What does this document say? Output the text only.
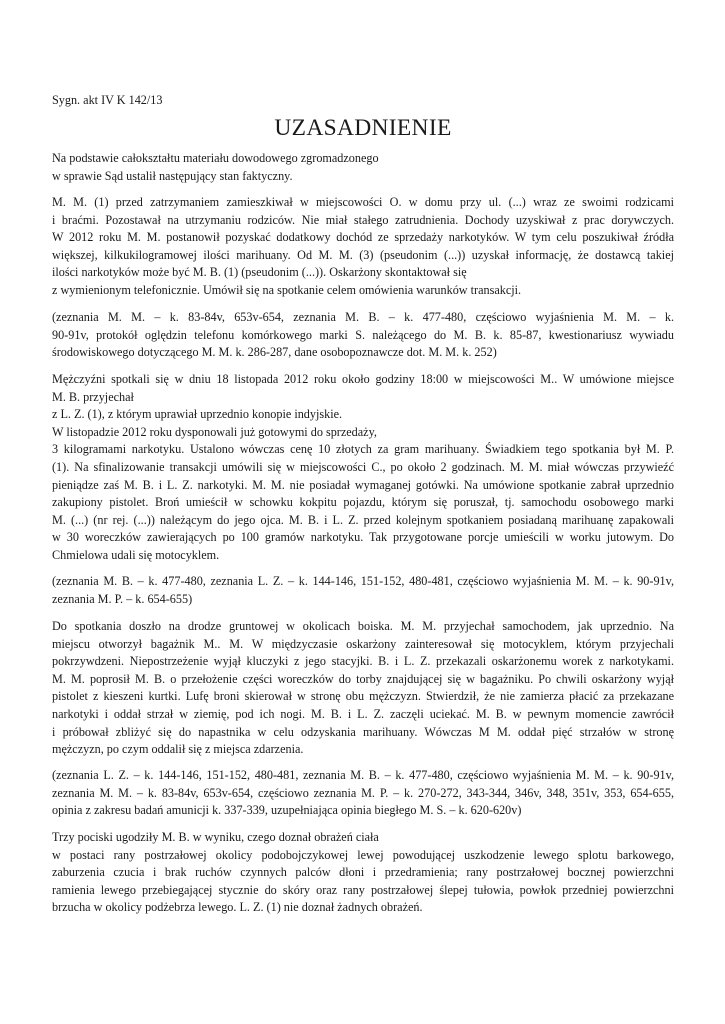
Sygn. akt IV K 142/13

UZASADNIENIE

Na podstawie całokształtu materiału dowodowego zgromadzonego
w sprawie Sąd ustalił następujący stan faktyczny.

M. M. (1) przed zatrzymaniem zamieszkiwał w miejscowości O. w domu przy ul. (...) wraz ze swoimi rodzicami
i braćmi. Pozostawał na utrzymaniu rodziców. Nie miał stałego zatrudnienia. Dochody uzyskiwał z prac dorywczych.
W 2012 roku M. M. postanowił pozyskać dodatkowy dochód ze sprzedaży narkotyków. W tym celu poszukiwał źródła
większej, kilkukilogramowej ilości marihuany. Od M. M. (3) (pseudonim (...)) uzyskał informację, że dostawcą takiej
ilości narkotyków może być M. B. (1) (pseudonim (...)). Oskarżony skontaktował się
z wymienionym telefonicznie. Umówił się na spotkanie celem omówienia warunków transakcji.

(zeznania M. M. – k. 83-84v, 653v-654, zeznania M. B. – k. 477-480, częściowo wyjaśnienia M. M. – k.
90-91v, protokół oględzin telefonu komórkowego marki S. należącego do M. B. k. 85-87, kwestionariusz wywiadu
środowiskowego dotyczącego M. M. k. 286-287, dane osobopoznawcze dot. M. M. k. 252)

Mężczyźni spotkali się w dniu 18 listopada 2012 roku około godziny 18:00 w miejscowości M.. W umówione miejsce
M. B. przyjechał
z L. Z. (1), z którym uprawiał uprzednio konopie indyjskie.
W listopadzie 2012 roku dysponowali już gotowymi do sprzedaży,
3 kilogramami narkotyku. Ustalono wówczas cenę 10 złotych za gram marihuany. Świadkiem tego spotkania był M. P.
(1). Na sfinalizowanie transakcji umówili się w miejscowości C., po około 2 godzinach. M. M. miał wówczas przywieźć
pieniądze zaś M. B. i L. Z. narkotyki. M. M. nie posiadał wymaganej gotówki. Na umówione spotkanie zabrał uprzednio
zakupiony pistolet. Broń umieścił w schowku kokpitu pojazdu, którym się poruszał, tj. samochodu osobowego marki
M. (...) (nr rej. (...)) należącym do jego ojca. M. B. i L. Z. przed kolejnym spotkaniem posiadaną marihuanę zapakowali
w 30 woreczków zawierających po 100 gramów narkotyku. Tak przygotowane porcje umieścili w worku jutowym. Do
Chmielowa udali się motocyklem.

(zeznania M. B. – k. 477-480, zeznania L. Z. – k. 144-146, 151-152, 480-481, częściowo wyjaśnienia M. M. – k. 90-91v,
zeznania M. P. – k. 654-655)

Do spotkania doszło na drodze gruntowej w okolicach boiska. M. M. przyjechał samochodem, jak uprzednio. Na
miejscu otworzył bagażnik M.. M. W międzyczasie oskarżony zainteresował się motocyklem, którym przyjechali
pokrzywdzeni. Niepostrzeżenie wyjął kluczyki z jego stacyjki. B. i L. Z. przekazali oskarżonemu worek z narkotykami.
M. M. poprosił M. B. o przełożenie części woreczków do torby znajdującej się w bagażniku. Po chwili oskarżony wyjął
pistolet z kieszeni kurtki. Lufę broni skierował w stronę obu mężczyzn. Stwierdził, że nie zamierza płacić za przekazane
narkotyki i oddał strzał w ziemię, pod ich nogi. M. B. i L. Z. zaczęli uciekać. M. B. w pewnym momencie zawrócił
i próbował zbliżyć się do napastnika w celu odzyskania marihuany. Wówczas M M. oddał pięć strzałów w stronę
mężczyzn, po czym oddalił się z miejsca zdarzenia.

(zeznania L. Z. – k. 144-146, 151-152, 480-481, zeznania M. B. – k. 477-480, częściowo wyjaśnienia M. M. – k. 90-91v,
zeznania M. M. – k. 83-84v, 653v-654, częściowo zeznania M. P. – k. 270-272, 343-344, 346v, 348, 351v, 353, 654-655,
opinia z zakresu badań amunicji k. 337-339, uzupełniająca opinia biegłego M. S. – k. 620-620v)

Trzy pociski ugodziły M. B. w wyniku, czego doznał obrażeń ciała
w postaci rany postrzałowej okolicy podobojczykowej lewej powodującej uszkodzenie lewego splotu barkowego,
zaburzenia czucia i brak ruchów czynnych palców dłoni i przedramienia; rany postrzałowej bocznej powierzchni
ramienia lewego przebiegającej stycznie do skóry oraz rany postrzałowej ślepej tułowia, powłok przedniej powierzchni
brzucha w okolicy podżebrza lewego. L. Z. (1) nie doznał żadnych obrażeń.
